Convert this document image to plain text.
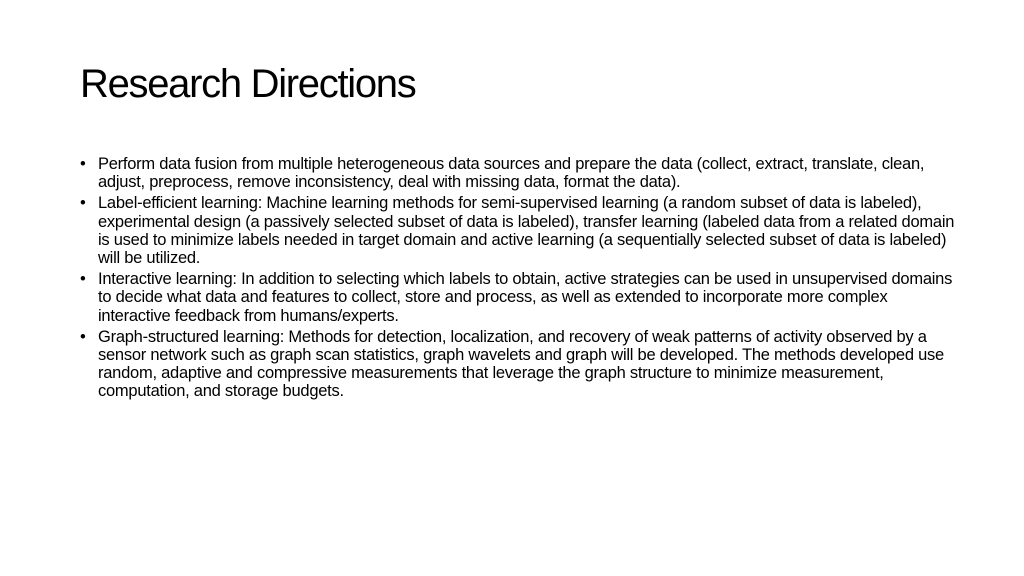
Research Directions
• Perform data fusion from multiple heterogeneous data sources and prepare the data (collect, extract, translate, clean, adjust, preprocess, remove inconsistency, deal with missing data, format the data).
• Label-efficient learning: Machine learning methods for semi-supervised learning (a random subset of data is labeled), experimental design (a passively selected subset of data is labeled), transfer learning (labeled data from a related domain is used to minimize labels needed in target domain and active learning (a sequentially selected subset of data is labeled) will be utilized.
• Interactive learning: In addition to selecting which labels to obtain, active strategies can be used in unsupervised domains to decide what data and features to collect, store and process, as well as extended to incorporate more complex interactive feedback from humans/experts.
• Graph-structured learning: Methods for detection, localization, and recovery of weak patterns of activity observed by a sensor network such as graph scan statistics, graph wavelets and graph will be developed. The methods developed use random, adaptive and compressive measurements that leverage the graph structure to minimize measurement, computation, and storage budgets.
